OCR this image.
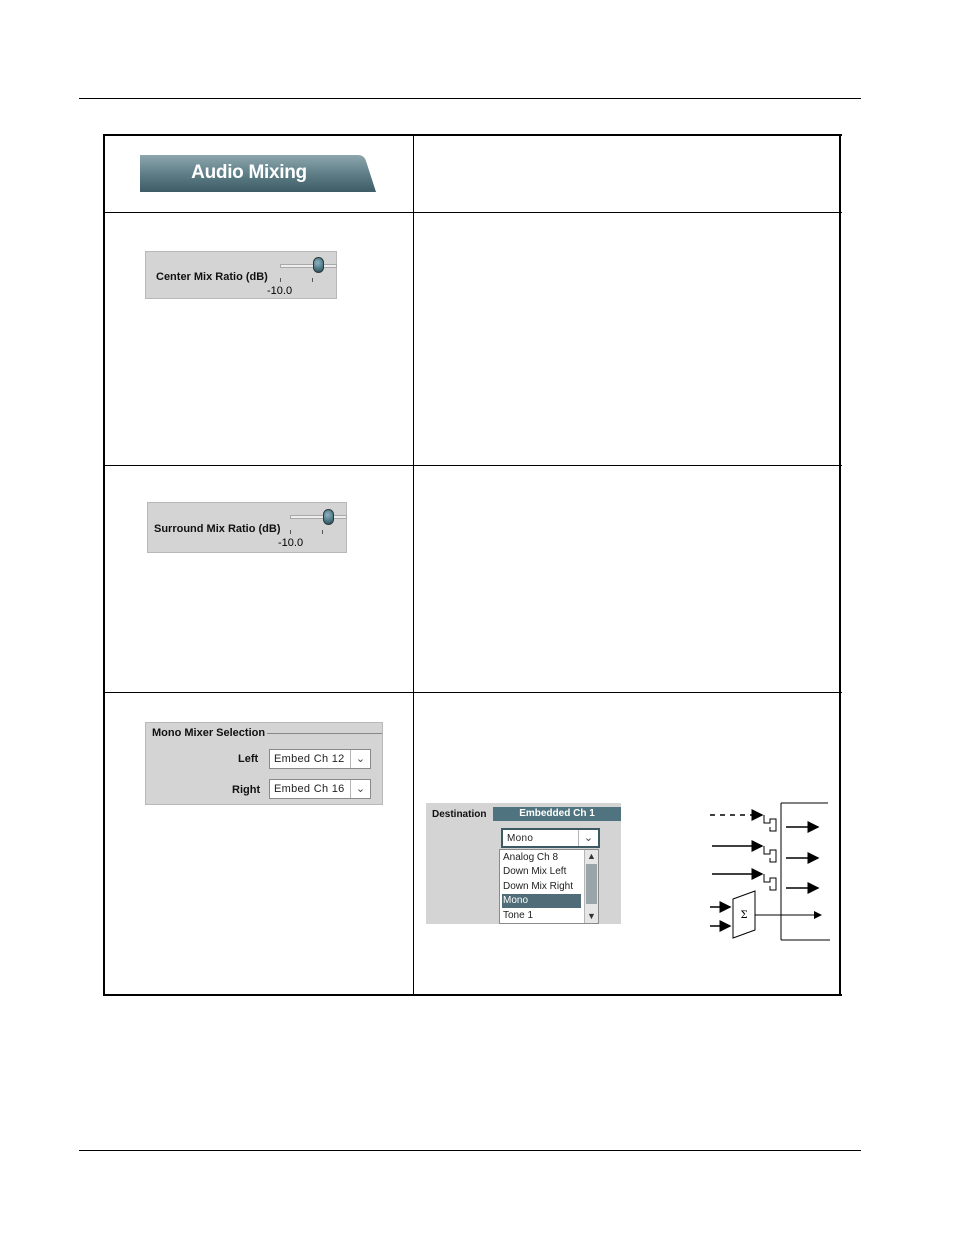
Audio Mixing
Center Mix Ratio (dB)
-10.0
Surround Mix Ratio (dB)
-10.0
Mono Mixer Selection
Left Embed Ch 12	⌄
Right Embed Ch 16	⌄
Destination	Embedded Ch 1
Mono	⌄
Analog Ch 8
Down Mix Left
Down Mix Right
Mono
Tone 1
▲
▼	Σ
